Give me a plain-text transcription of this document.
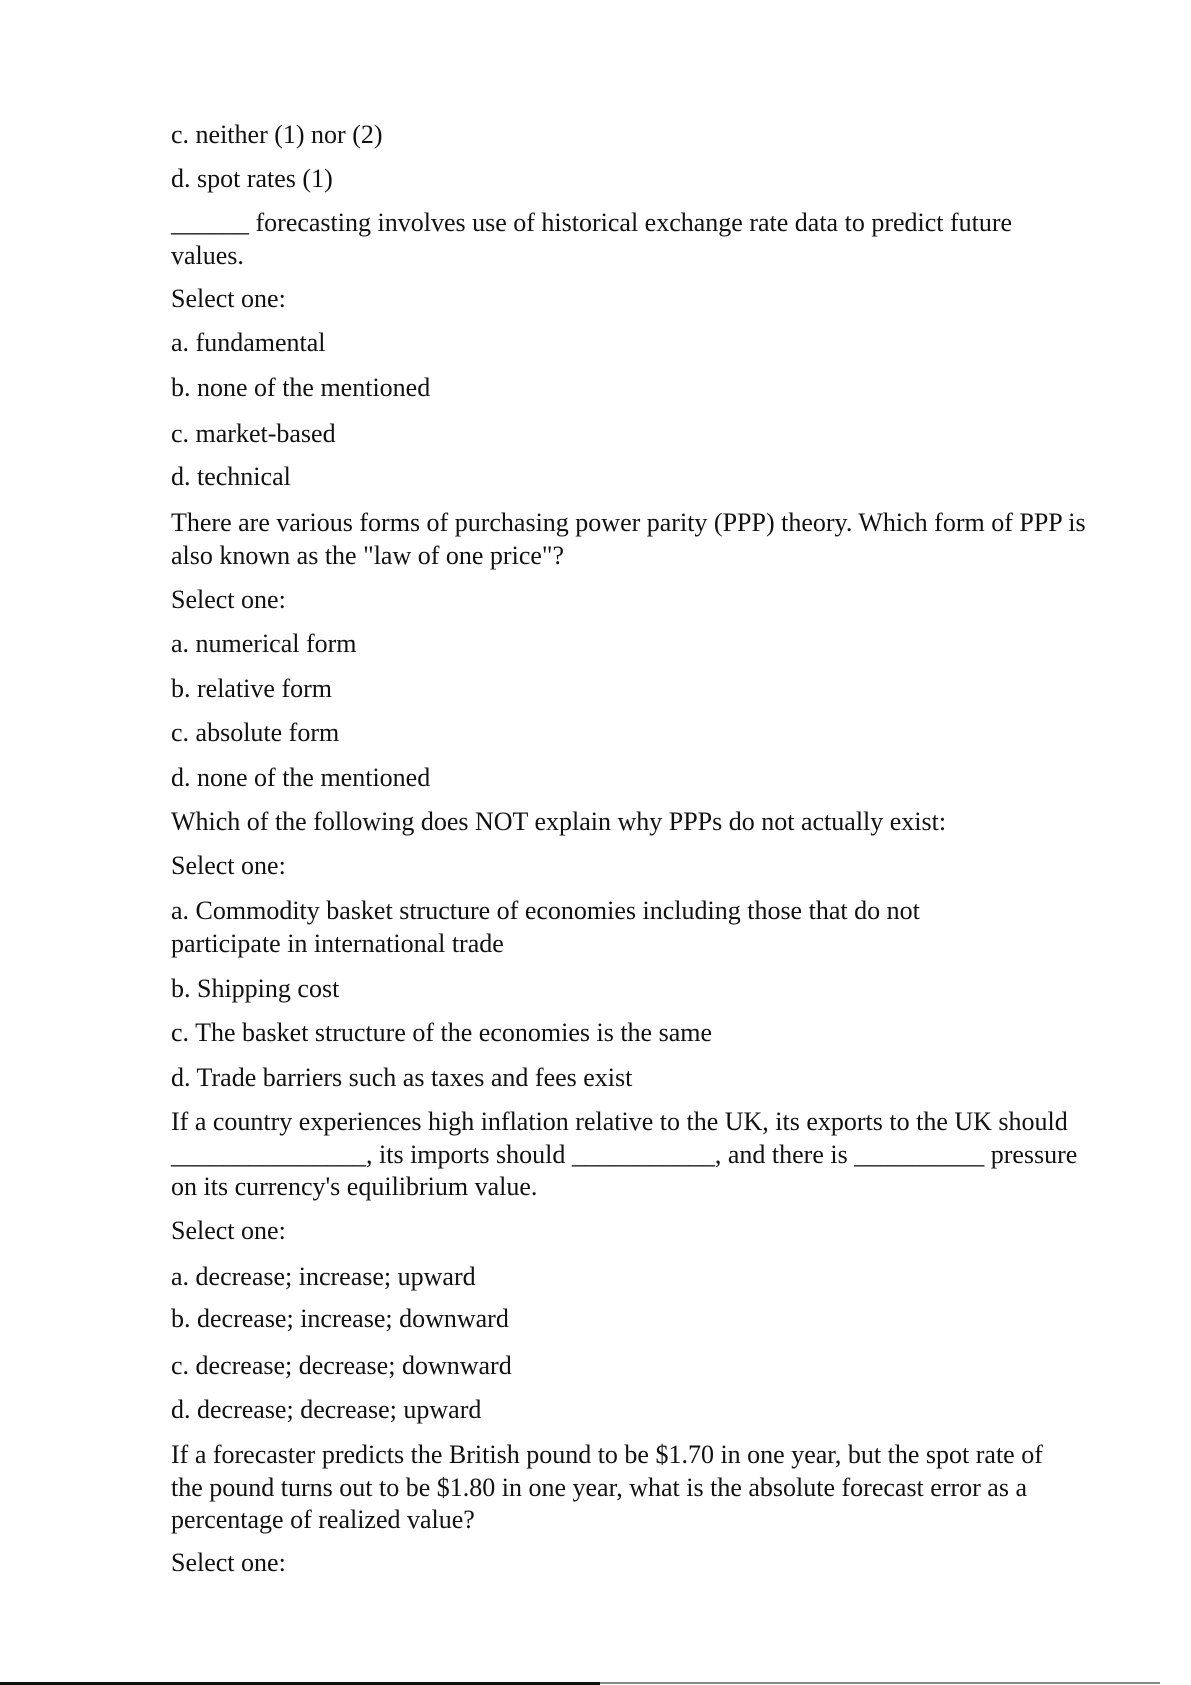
c. neither (1) nor (2)
d. spot rates (1)
______ forecasting involves use of historical exchange rate data to predict future values.
Select one:
a. fundamental
b. none of the mentioned
c. market-based
d. technical
There are various forms of purchasing power parity (PPP) theory. Which form of PPP is also known as the "law of one price"?
Select one:
a. numerical form
b. relative form
c. absolute form
d. none of the mentioned
Which of the following does NOT explain why PPPs do not actually exist:
Select one:
a. Commodity basket structure of economies including those that do not participate in international trade
b. Shipping cost
c. The basket structure of the economies is the same
d. Trade barriers such as taxes and fees exist
If a country experiences high inflation relative to the UK, its exports to the UK should _______________, its imports should ___________, and there is __________ pressure on its currency's equilibrium value.
Select one:
a. decrease; increase; upward
b. decrease; increase; downward
c. decrease; decrease; downward
d. decrease; decrease; upward
If a forecaster predicts the British pound to be $1.70 in one year, but the spot rate of the pound turns out to be $1.80 in one year, what is the absolute forecast error as a percentage of realized value?
Select one:
